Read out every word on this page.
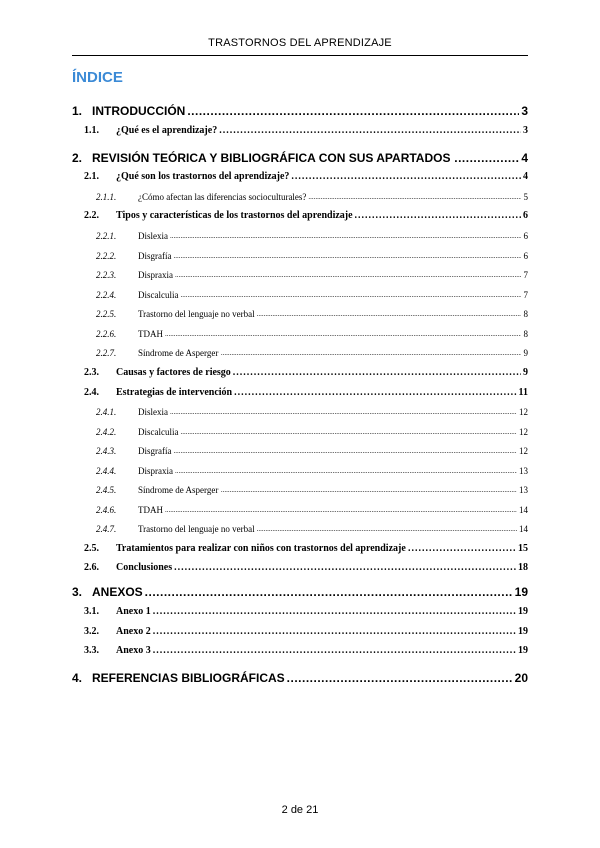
TRASTORNOS DEL APRENDIZAJE
ÍNDICE
1. INTRODUCCIÓN .....	3
1.1. ¿Qué es el aprendizaje? .....	3
2. REVISIÓN TEÓRICA Y BIBLIOGRÁFICA CON SUS APARTADOS .....	4
2.1. ¿Qué son los trastornos del aprendizaje? .....	4
2.1.1. ¿Cómo afectan las diferencias socioculturales? .....	5
2.2. Tipos y características de los trastornos del aprendizaje .....	6
2.2.1. Dislexia .....	6
2.2.2. Disgrafía .....	6
2.2.3. Dispraxia .....	7
2.2.4. Discalculia .....	7
2.2.5. Trastorno del lenguaje no verbal .....	8
2.2.6. TDAH .....	8
2.2.7. Síndrome de Asperger .....	9
2.3. Causas y factores de riesgo .....	9
2.4. Estrategias de intervención .....	11
2.4.1. Dislexia .....	12
2.4.2. Discalculia .....	12
2.4.3. Disgrafía .....	12
2.4.4. Dispraxia .....	13
2.4.5. Síndrome de Asperger .....	13
2.4.6. TDAH .....	14
2.4.7. Trastorno del lenguaje no verbal .....	14
2.5. Tratamientos para realizar con niños con trastornos del aprendizaje .....	15
2.6. Conclusiones .....	18
3. ANEXOS .....	19
3.1. Anexo 1 .....	19
3.2. Anexo 2 .....	19
3.3. Anexo 3 .....	19
4. REFERENCIAS BIBLIOGRÁFICAS .....	20
2 de 21
